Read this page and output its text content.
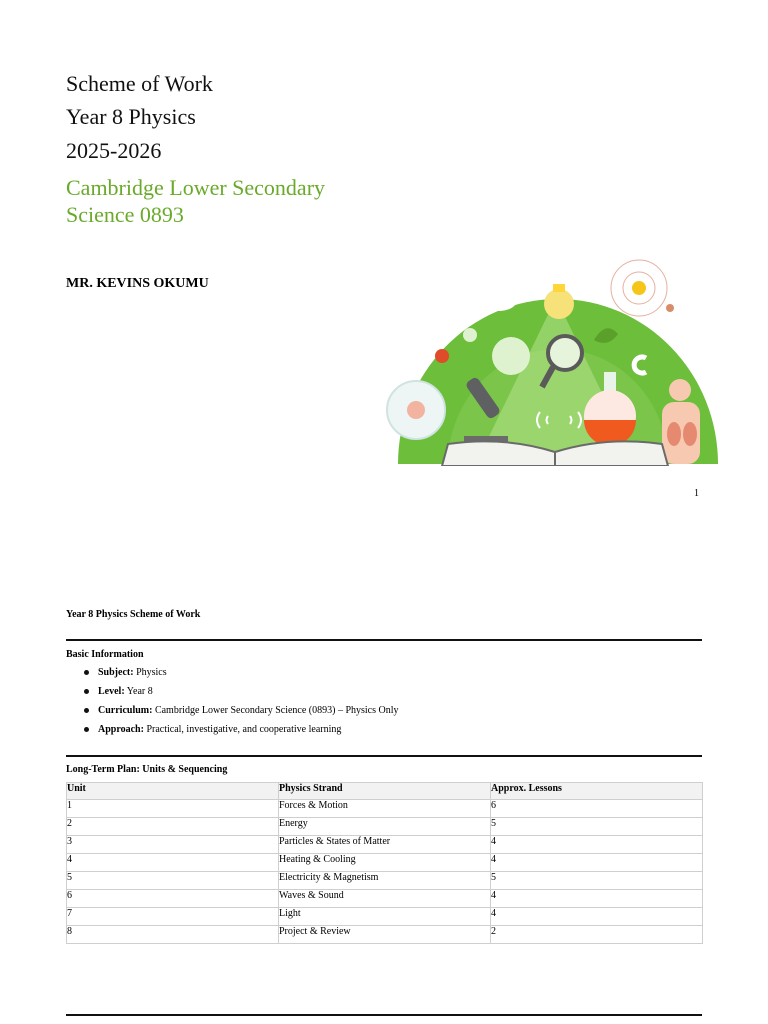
Scheme of Work
Year 8 Physics
2025-2026
Cambridge Lower Secondary
Science 0893
MR. KEVINS OKUMU
1
Year 8 Physics Scheme of Work
Basic Information
Subject: Physics
Level: Year 8
Curriculum: Cambridge Lower Secondary Science (0893) – Physics Only
Approach: Practical, investigative, and cooperative learning
Long-Term Plan: Units & Sequencing
Unit	Physics Strand	Approx. Lessons
1	Forces & Motion	6
2	Energy	5
3	Particles & States of Matter	4
4	Heating & Cooling	4
5	Electricity & Magnetism	5
6	Waves & Sound	4
7	Light	4
8	Project & Review	2
